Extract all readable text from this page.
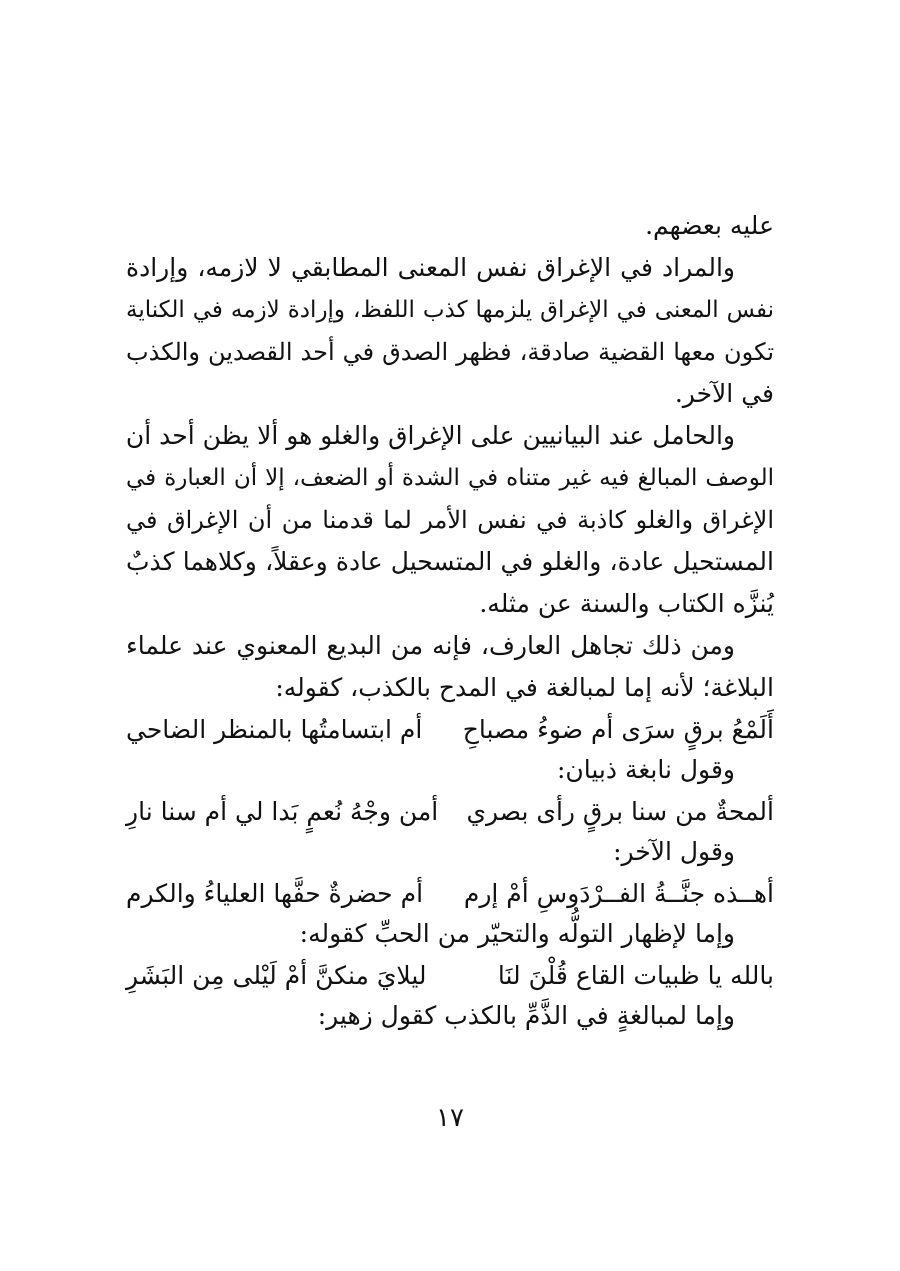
عليه بعضهم.
والمراد في الإغراق نفس المعنى المطابقي لا لازمه، وإرادة
نفس المعنى في الإغراق يلزمها كذب اللفظ، وإرادة لازمه في الكناية
تكون معها القضية صادقة، فظهر الصدق في أحد القصدين والكذب
في الآخر.
والحامل عند البيانيين على الإغراق والغلو هو ألا يظن أحد أن
الوصف المبالغ فيه غير متناه في الشدة أو الضعف، إلا أن العبارة في
الإغراق والغلو كاذبة في نفس الأمر لما قدمنا من أن الإغراق في
المستحيل عادة، والغلو في المتسحيل عادة وعقلاً، وكلاهما كذبٌ
يُنزَّه الكتاب والسنة عن مثله.
ومن ذلك تجاهل العارف، فإنه من البديع المعنوي عند علماء
البلاغة؛ لأنه إما لمبالغة في المدح بالكذب، كقوله:
أَلَمْعُ برقٍ سرَى أم ضوءُ مصباحِ
أم ابتسامتُها بالمنظر الضاحي
وقول نابغة ذبيان:
ألمحةٌ من سنا برقٍ رأى بصري
أمن وجْهُ نُعمٍ بَدا لي أم سنا نارِ
وقول الآخر:
أهــذه جنَّــةُ الفــرْدَوسِ أمْ إرم
أم حضرةٌ حفَّها العلياءُ والكرم
وإما لإظهار التولُّه والتحيّر من الحبِّ كقوله:
بالله يا ظبيات القاع قُلْنَ لنَا
ليلايَ منكنَّ أمْ لَيْلى مِن البَشَرِ
وإما لمبالغةٍ في الذَّمِّ بالكذب كقول زهير:
١٧
